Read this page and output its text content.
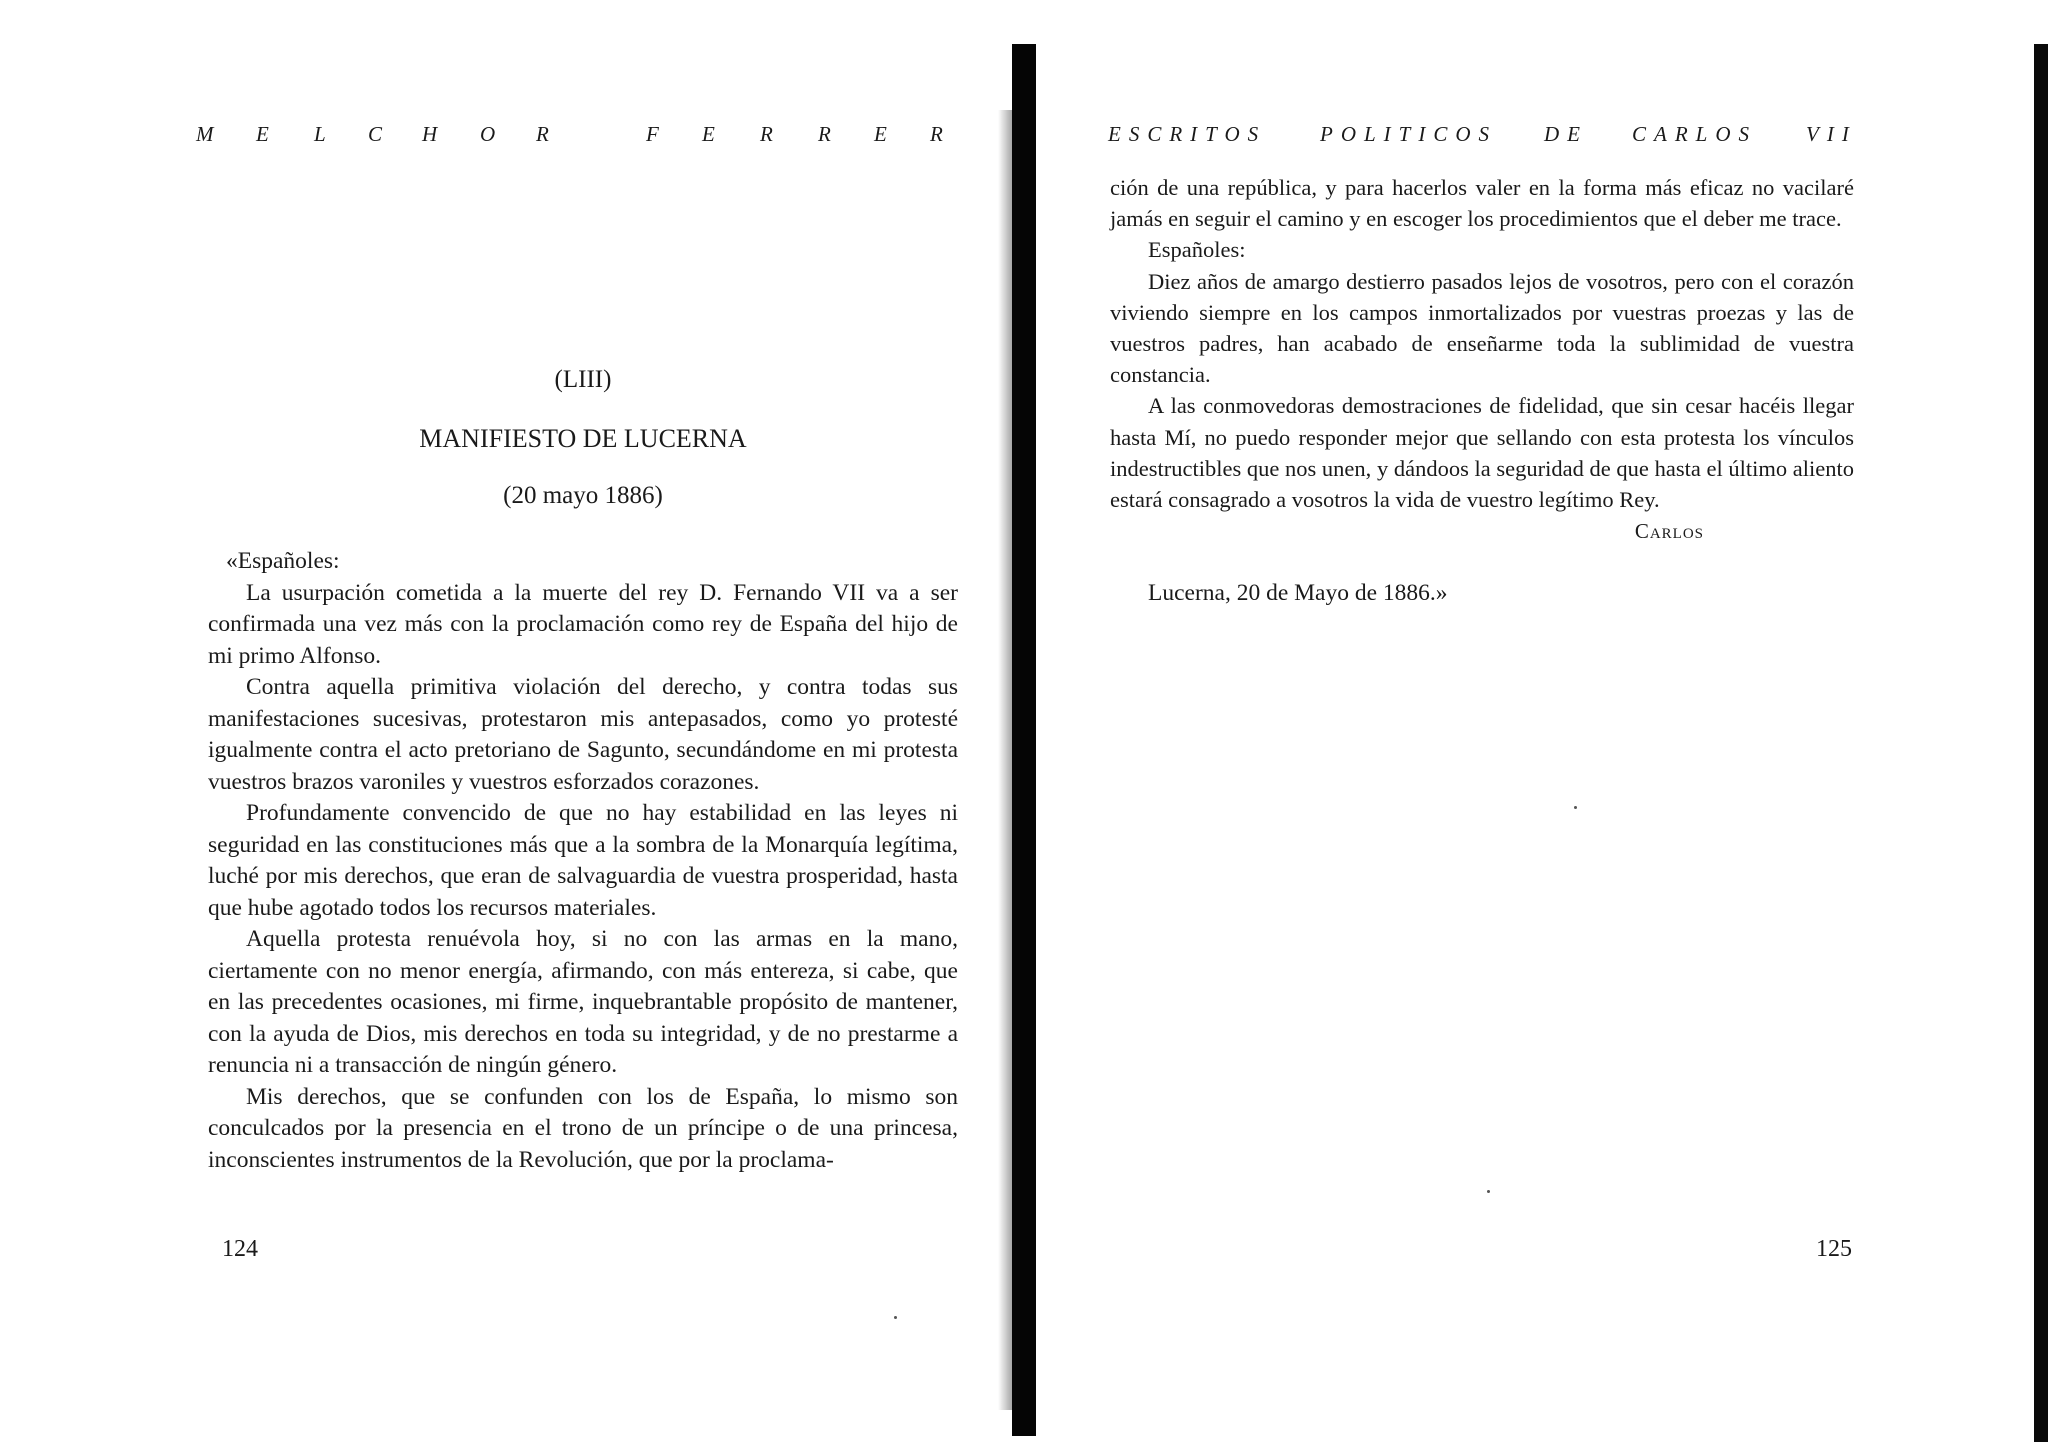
M E L C H O R	F E R R E R	ESCRITOS	POLITICOS DE CARLOS VII
(LIII)
MANIFIESTO DE LUCERNA
(20 mayo 1886)

«Españoles:

La usurpación cometida a la muerte del rey D. Fernando VII va a ser confirmada una vez más con la proclamación como rey de España del hijo de mi primo Alfonso.

Contra aquella primitiva violación del derecho, y contra todas sus manifestaciones sucesivas, protestaron mis antepasados, como yo protesté igualmente contra el acto pretoriano de Sagunto, secundándome en mi protesta vuestros brazos varoniles y vuestros esforzados corazones.

Profundamente convencido de que no hay estabilidad en las leyes ni seguridad en las constituciones más que a la sombra de la Monarquía legítima, luché por mis derechos, que eran de salvaguardia de vuestra prosperidad, hasta que hube agotado todos los recursos materiales.

Aquella protesta renuévola hoy, si no con las armas en la mano, ciertamente con no menor energía, afirmando, con más entereza, si cabe, que en las precedentes ocasiones, mi firme, inquebrantable propósito de mantener, con la ayuda de Dios, mis derechos en toda su integridad, y de no prestarme a renuncia ni a transacción de ningún género.

Mis derechos, que se confunden con los de España, lo mismo son conculcados por la presencia en el trono de un príncipe o de una princesa, inconscientes instrumentos de la Revolución, que por la proclama-

124

ción de una república, y para hacerlos valer en la forma más eficaz no vacilaré jamás en seguir el camino y en escoger los procedimientos que el deber me trace.

Españoles:

Diez años de amargo destierro pasados lejos de vosotros, pero con el corazón viviendo siempre en los campos inmortalizados por vuestras proezas y las de vuestros padres, han acabado de enseñarme toda la sublimidad de vuestra constancia.

A las conmovedoras demostraciones de fidelidad, que sin cesar hacéis llegar hasta Mí, no puedo responder mejor que sellando con esta protesta los vínculos indestructibles que nos unen, y dándoos la seguridad de que hasta el último aliento estará consagrado a vosotros la vida de vuestro legítimo Rey.

Carlos
Lucerna, 20 de Mayo de 1886.»
125
